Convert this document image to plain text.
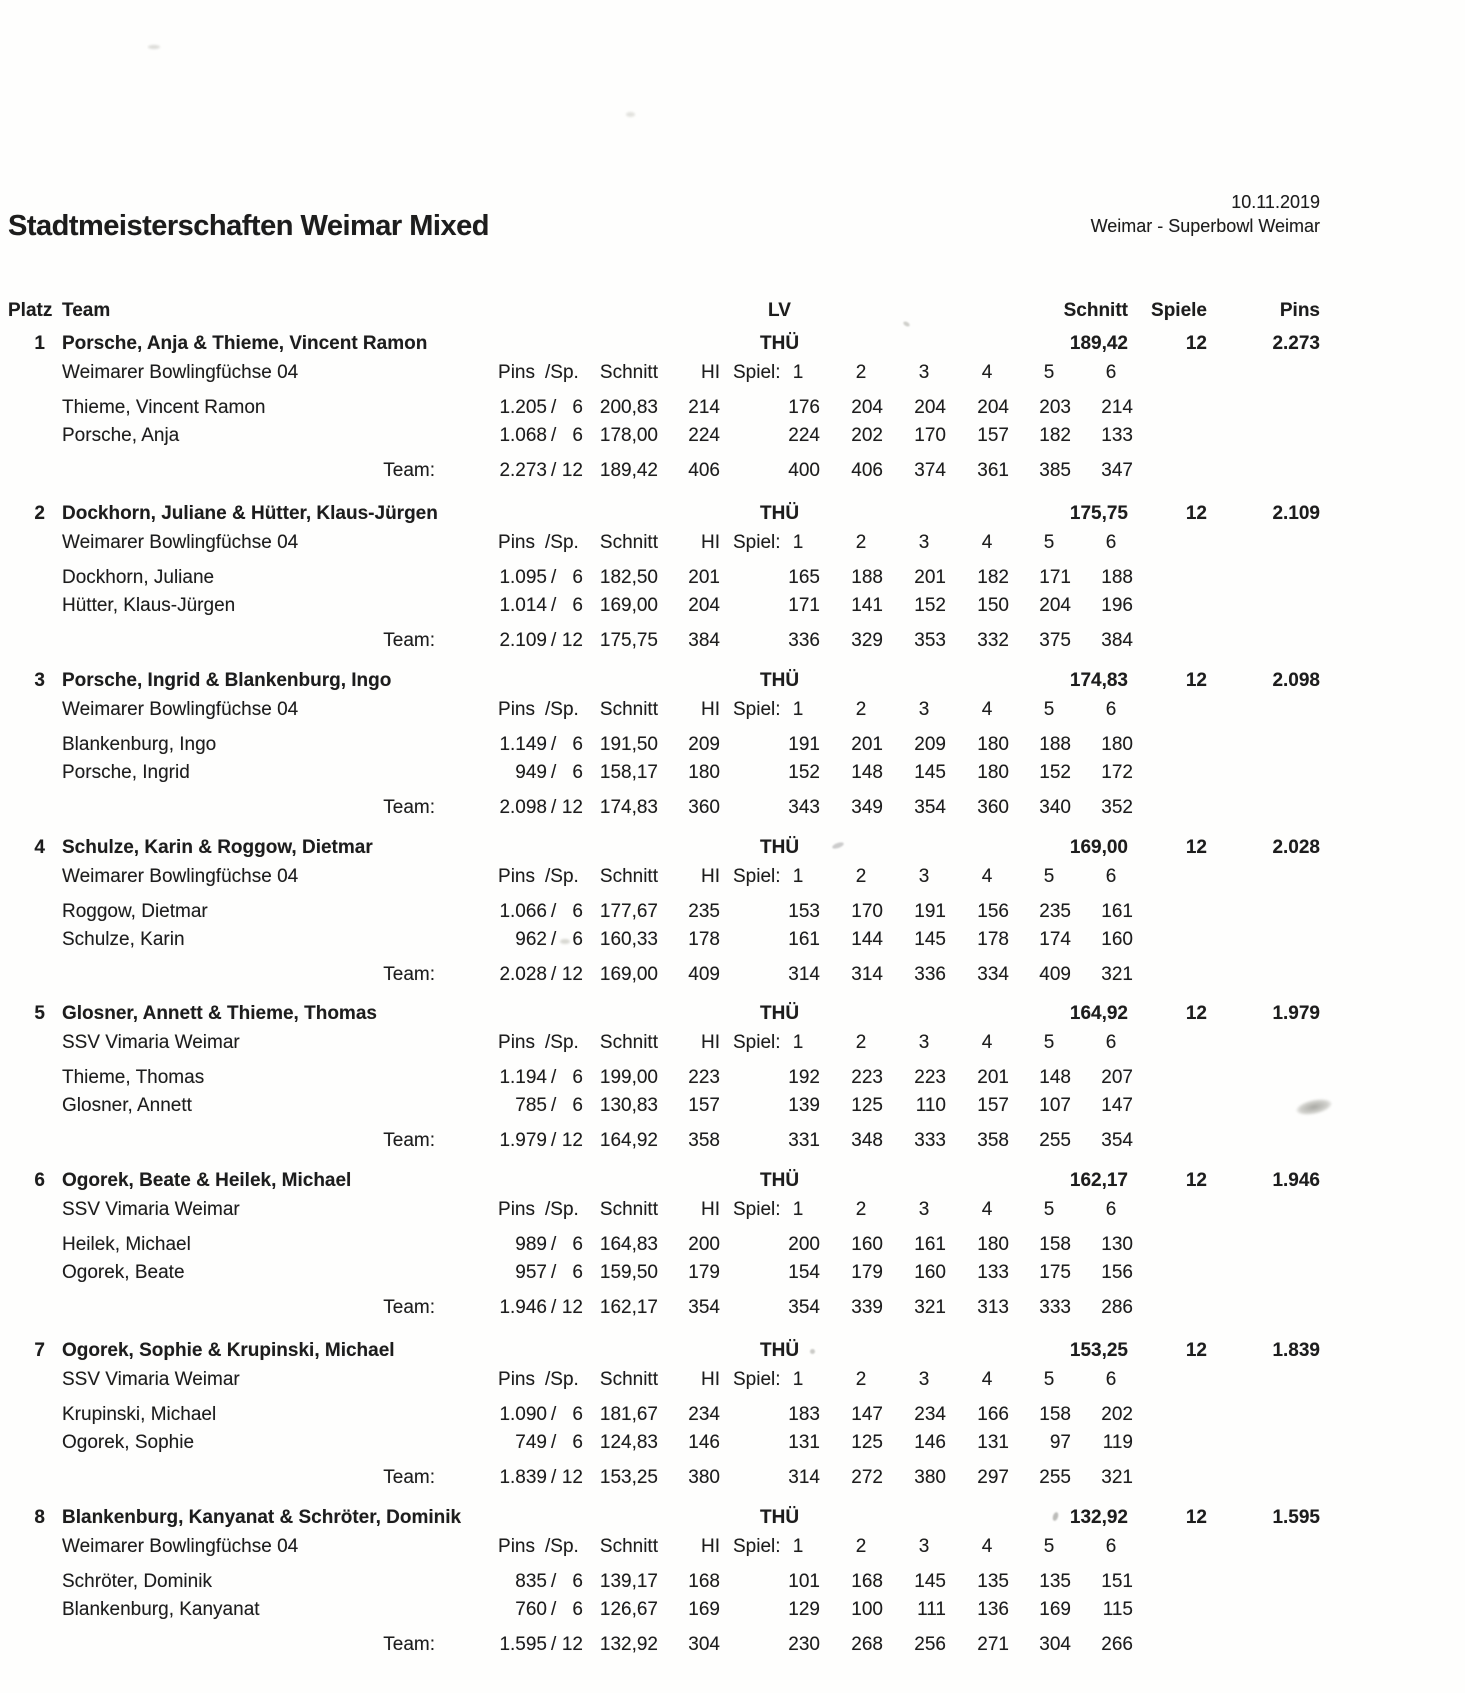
Stadtmeisterschaften Weimar Mixed
10.11.2019
Weimar - Superbowl Weimar
Platz Team	LV	Schnitt	Spiele	Pins
1 Porsche, Anja & Thieme, Vincent Ramon	THÜ	189,42	12	2.273
Weimarer Bowlingfüchse 04	Pins /Sp.	Schnitt	HI Spiel: 1	2	3	4	5	6
Thieme, Vincent Ramon	1.205 / 6 200,83	214	176	204	204	204	203	214
Porsche, Anja	1.068 / 6 178,00	224	224	202	170	157	182	133
Team:	2.273 / 12 189,42	406	400	406	374	361	385	347
2 Dockhorn, Juliane & Hütter, Klaus-Jürgen	THÜ	175,75	12	2.109
Weimarer Bowlingfüchse 04	Pins /Sp.	Schnitt	HI Spiel: 1	2	3	4	5	6
Dockhorn, Juliane	1.095 / 6 182,50	201	165	188	201	182	171	188
Hütter, Klaus-Jürgen	1.014 / 6 169,00	204	171	141	152	150	204	196
Team:	2.109 / 12 175,75	384	336	329	353	332	375	384
3 Porsche, Ingrid & Blankenburg, Ingo	THÜ	174,83	12	2.098
Weimarer Bowlingfüchse 04	Pins /Sp.	Schnitt	HI Spiel: 1	2	3	4	5	6
Blankenburg, Ingo	1.149 / 6 191,50	209	191	201	209	180	188	180
Porsche, Ingrid	949 / 6 158,17	180	152	148	145	180	152	172
Team:	2.098 / 12 174,83	360	343	349	354	360	340	352
4 Schulze, Karin & Roggow, Dietmar	THÜ	169,00	12	2.028
Weimarer Bowlingfüchse 04	Pins /Sp.	Schnitt	HI Spiel: 1	2	3	4	5	6
Roggow, Dietmar	1.066 / 6 177,67	235	153	170	191	156	235	161
Schulze, Karin	962 / 6 160,33	178	161	144	145	178	174	160
Team:	2.028 / 12 169,00	409	314	314	336	334	409	321
5 Glosner, Annett & Thieme, Thomas	THÜ	164,92	12	1.979
SSV Vimaria Weimar	Pins /Sp.	Schnitt	HI Spiel: 1	2	3	4	5	6
Thieme, Thomas	1.194 / 6 199,00	223	192	223	223	201	148	207
Glosner, Annett	785 / 6 130,83	157	139	125	110	157	107	147
Team:	1.979 / 12 164,92	358	331	348	333	358	255	354
6 Ogorek, Beate & Heilek, Michael	THÜ	162,17	12	1.946
SSV Vimaria Weimar	Pins /Sp.	Schnitt	HI Spiel: 1	2	3	4	5	6
Heilek, Michael	989 / 6 164,83	200	200	160	161	180	158	130
Ogorek, Beate	957 / 6 159,50	179	154	179	160	133	175	156
Team:	1.946 / 12 162,17	354	354	339	321	313	333	286
7 Ogorek, Sophie & Krupinski, Michael	THÜ	153,25	12	1.839
SSV Vimaria Weimar	Pins /Sp.	Schnitt	HI Spiel: 1	2	3	4	5	6
Krupinski, Michael	1.090 / 6 181,67	234	183	147	234	166	158	202
Ogorek, Sophie	749 / 6 124,83	146	131	125	146	131	97	119
Team:	1.839 / 12 153,25	380	314	272	380	297	255	321
8 Blankenburg, Kanyanat & Schröter, Dominik	THÜ	132,92	12	1.595
Weimarer Bowlingfüchse 04	Pins /Sp.	Schnitt	HI Spiel: 1	2	3	4	5	6
Schröter, Dominik	835 / 6 139,17	168	101	168	145	135	135	151
Blankenburg, Kanyanat	760 / 6 126,67	169	129	100	111	136	169	115
Team:	1.595 / 12 132,92	304	230	268	256	271	304	266
